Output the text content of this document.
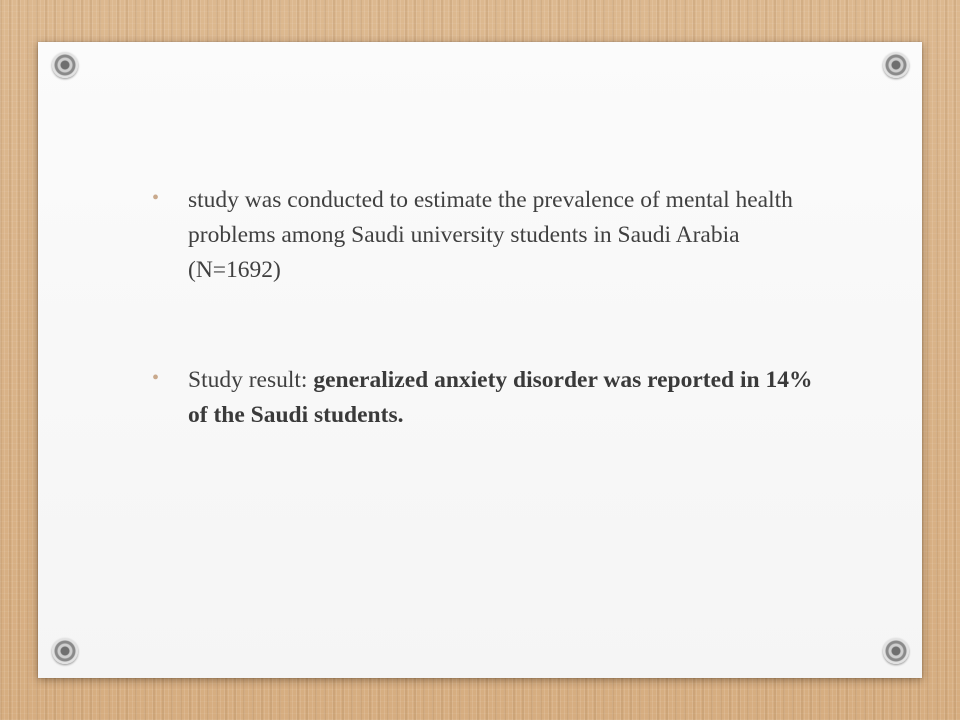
• study was conducted to estimate the prevalence of mental health problems among Saudi university students in Saudi Arabia (N=1692)
• Study result: generalized anxiety disorder was reported in 14% of the Saudi students.
